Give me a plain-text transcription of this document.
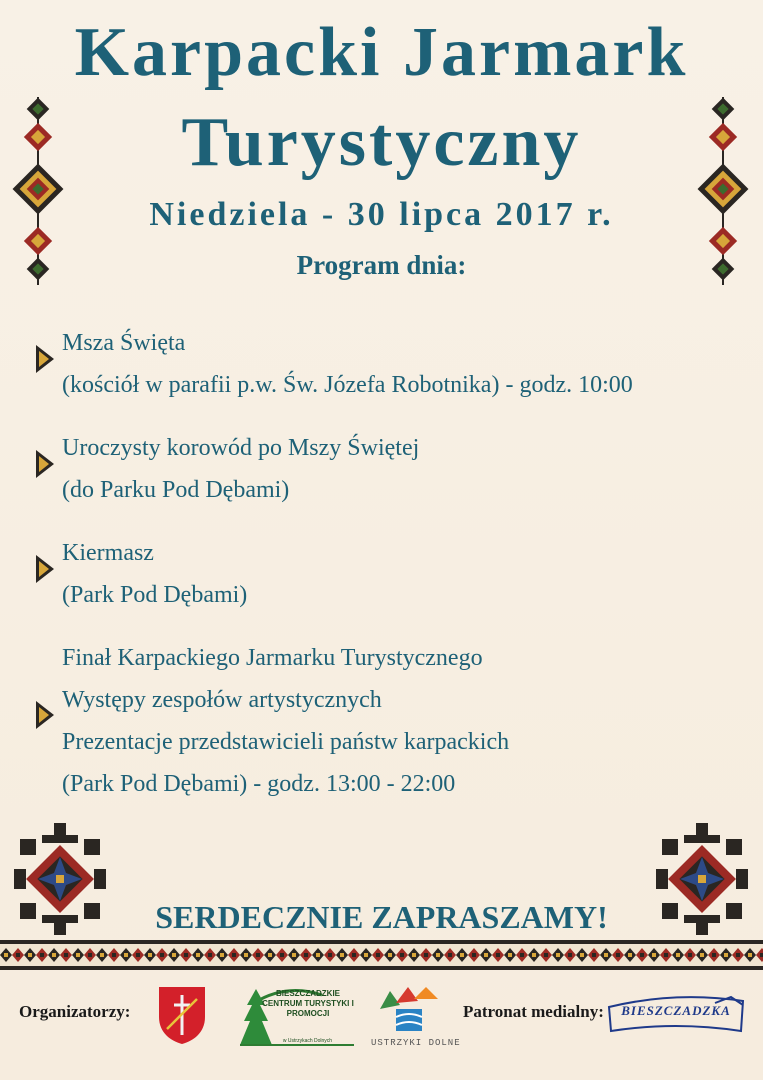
Karpacki Jarmark
Turystyczny
Niedziela - 30 lipca 2017 r.
Program dnia:
Msza Święta
(kościół w parafii p.w. Św. Józefa Robotnika) - godz. 10:00
Uroczysty korowód po Mszy Świętej
(do Parku Pod Dębami)
Kiermasz
(Park Pod Dębami)
Finał Karpackiego Jarmarku Turystycznego
Występy zespołów artystycznych
Prezentacje przedstawicieli państw karpackich
(Park Pod Dębami) - godz. 13:00 - 22:00
SERDECZNIE ZAPRASZAMY!
Organizatorzy:
BIESZCZADZKIE CENTRUM TURYSTYKI I PROMOCJI
w Ustrzykach Dolnych	USTRZYKI DOLNE
Patronat medialny:	BIESZCZADZKA
